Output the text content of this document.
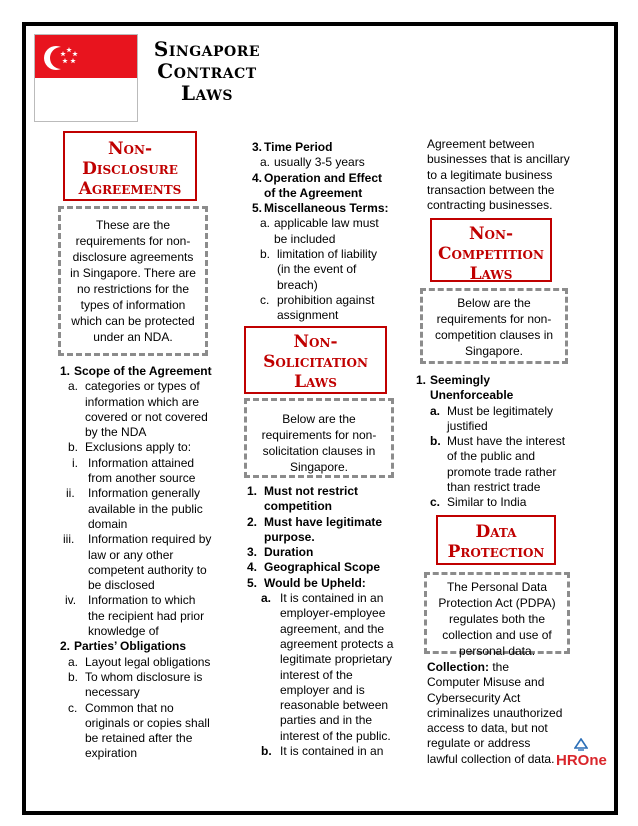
Singapore Contract Laws
Non-Disclosure Agreements
These are the requirements for non-disclosure agreements in Singapore. There are no restrictions for the types of information which can be protected under an NDA.
1. Scope of the Agreement
a. categories or types of information which are covered or not covered by the NDA
b. Exclusions apply to:
i. Information attained from another source
ii.	Information generally available in the public domain
iii.	Information required by law or any other competent authority to be disclosed
iv. Information to which the recipient had prior knowledge of
2. Parties’ Obligations
a. Layout legal obligations
b. To whom disclosure is necessary
c. Common that no originals or copies shall be retained after the expiration
3. Time Period
a. usually 3-5 years
4. Operation and Effect of the Agreement
5. Miscellaneous Terms:
a. applicable law must be included
b. limitation of liability (in the event of breach)
c. prohibition against assignment
Non-Solicitation Laws
Below are the requirements for non-solicitation clauses in Singapore.
1. Must not restrict competition
2. Must have legitimate purpose.
3. Duration
4. Geographical Scope
5. Would be Upheld:
a. It is contained in an employer-employee agreement, and the agreement protects a legitimate proprietary interest of the employer and is reasonable between parties and in the interest of the public.
b. It is contained in an
Agreement between businesses that is ancillary to a legitimate business transaction between the contracting businesses.
Non-Competition Laws
Below are the requirements for non-competition clauses in Singapore.
1. Seemingly Unenforceable
a. Must be legitimately justified
b. Must have the interest of the public and promote trade rather than restrict trade
c. Similar to India
Data Protection
The Personal Data Protection Act (PDPA) regulates both the collection and use of personal data.
Collection: the Computer Misuse and Cybersecurity Act criminalizes unauthorized access to data, but not regulate or address lawful collection of data. HROne
